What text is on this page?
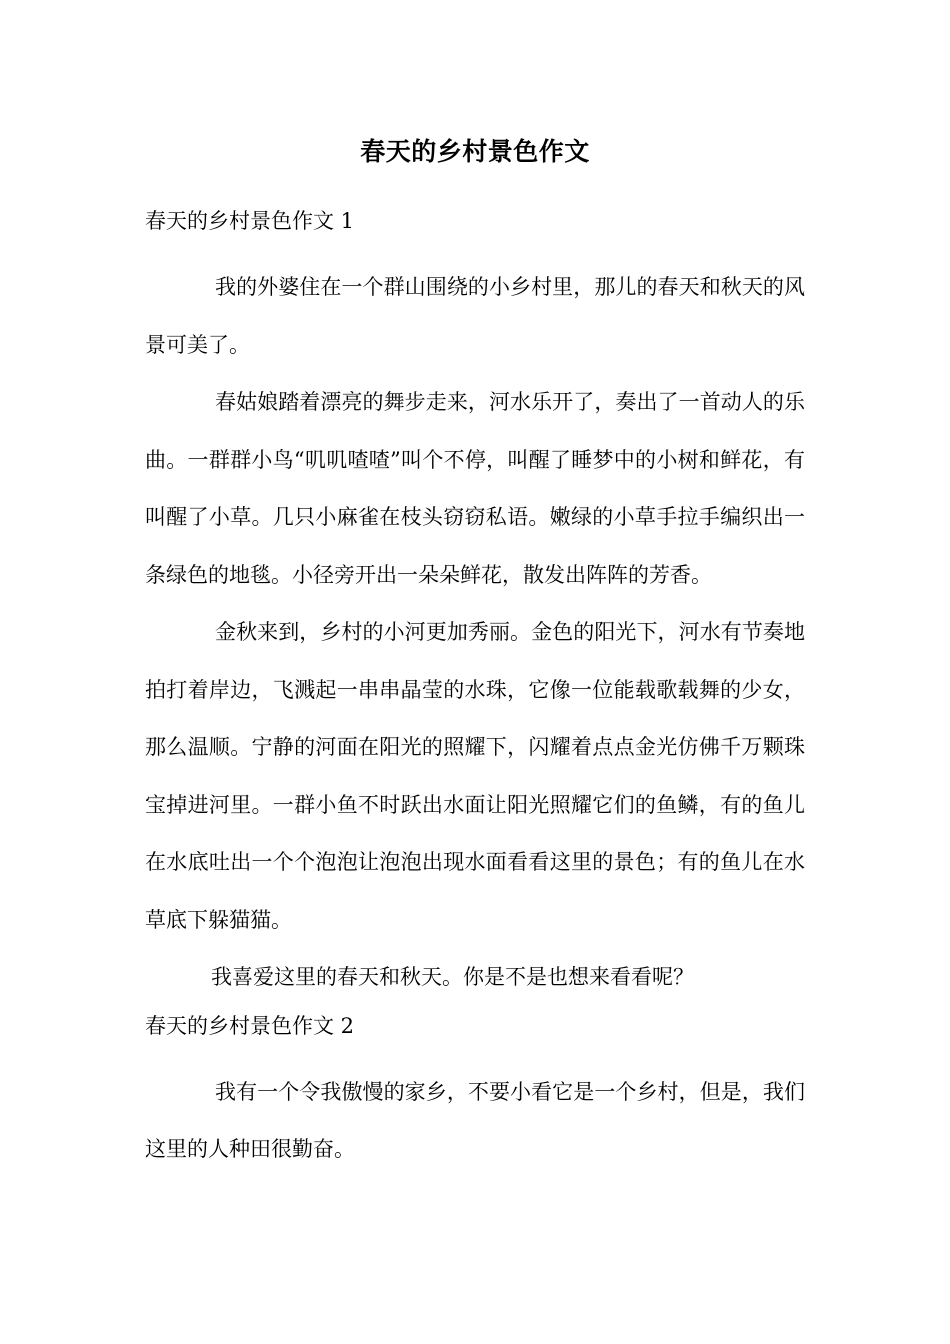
春天的乡村景色作文
春天的乡村景色作文 1

我的外婆住在一个群山围绕的小乡村里，那儿的春天和秋天的风景可美了。

春姑娘踏着漂亮的舞步走来，河水乐开了，奏出了一首动人的乐曲。一群群小鸟“叽叽喳喳”叫个不停，叫醒了睡梦中的小树和鲜花，有叫醒了小草。几只小麻雀在枝头窃窃私语。嫩绿的小草手拉手编织出一条绿色的地毯。小径旁开出一朵朵鲜花，散发出阵阵的芳香。

金秋来到，乡村的小河更加秀丽。金色的阳光下，河水有节奏地拍打着岸边，飞溅起一串串晶莹的水珠，它像一位能载歌载舞的少女，那么温顺。宁静的河面在阳光的照耀下，闪耀着点点金光仿佛千万颗珠宝掉进河里。一群小鱼不时跃出水面让阳光照耀它们的鱼鳞，有的鱼儿在水底吐出一个个泡泡让泡泡出现水面看看这里的景色；有的鱼儿在水草底下躲猫猫。

我喜爱这里的春天和秋天。你是不是也想来看看呢？

春天的乡村景色作文 2

我有一个令我傲慢的家乡，不要小看它是一个乡村，但是，我们这里的人种田很勤奋。
